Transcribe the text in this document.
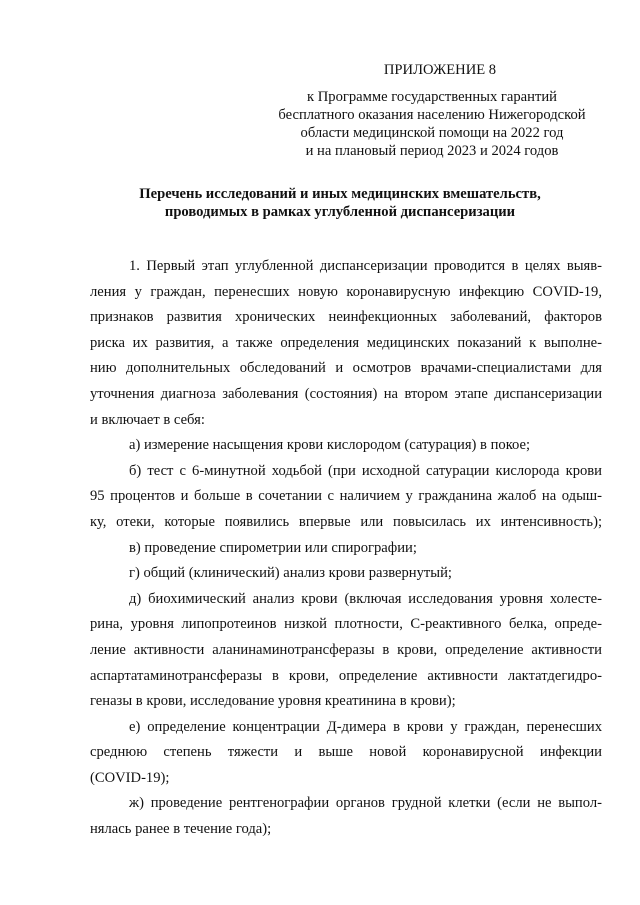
ПРИЛОЖЕНИЕ 8
к Программе государственных гарантий
бесплатного оказания населению Нижегородской
области медицинской помощи на 2022 год
и на плановый период 2023 и 2024 годов
Перечень исследований и иных медицинских вмешательств,
проводимых в рамках углубленной диспансеризации
1. Первый этап углубленной диспансеризации проводится в целях выяв-
ления у граждан, перенесших новую коронавирусную инфекцию COVID-19,
признаков развития хронических неинфекционных заболеваний, факторов
риска их развития, а также определения медицинских показаний к выполне-
нию дополнительных обследований и осмотров врачами-специалистами для
уточнения диагноза заболевания (состояния) на втором этапе диспансеризации
и включает в себя:
а) измерение насыщения крови кислородом (сатурация) в покое;
б) тест с 6-минутной ходьбой (при исходной сатурации кислорода крови
95 процентов и больше в сочетании с наличием у гражданина жалоб на одыш-
ку, отеки, которые появились впервые или повысилась их интенсивность);
в) проведение спирометрии или спирографии;
г) общий (клинический) анализ крови развернутый;
д) биохимический анализ крови (включая исследования уровня холесте-
рина, уровня липопротеинов низкой плотности, С-реактивного белка, опреде-
ление активности аланинаминотрансферазы в крови, определение активности
аспартатаминотрансферазы в крови, определение активности лактатдегидро-
геназы в крови, исследование уровня креатинина в крови);
е) определение концентрации Д-димера в крови у граждан, перенесших
среднюю степень тяжести и выше новой коронавирусной инфекции
(COVID-19);
ж) проведение рентгенографии органов грудной клетки (если не выпол-
нялась ранее в течение года);
